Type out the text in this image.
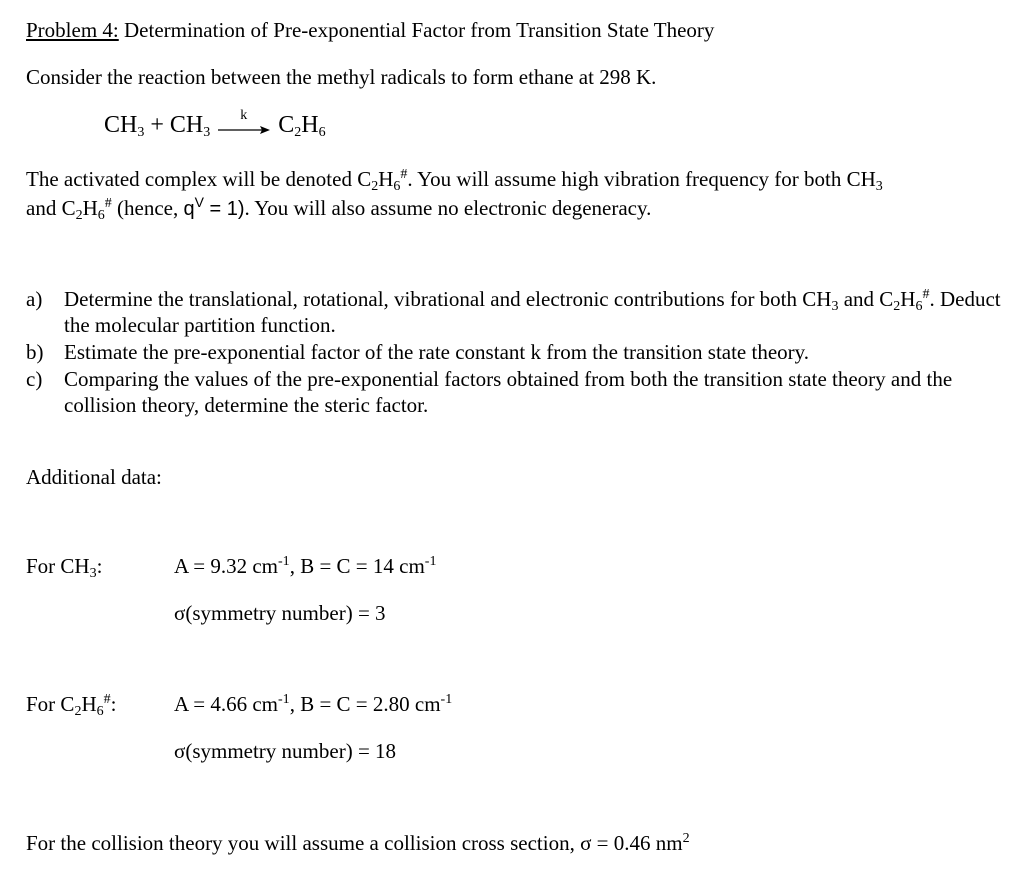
Problem 4: Determination of Pre-exponential Factor from Transition State Theory
Consider the reaction between the methyl radicals to form ethane at 298 K.
$CH_3 + CH_3$
k $C_2H_6$
The activated complex will be denoted $C_2H_6^{\#}$. You will assume high vibration frequency for both $CH_3$
and $C_2H_6^{\#}$ (hence, $q^V = 1$). You will also assume no electronic degeneracy.
a) Determine the translational, rotational, vibrational and electronic contributions for both $CH_3$ and $C_2H_6^{\#}$. Deduct the molecular partition function.
b) Estimate the pre-exponential factor of the rate constant k from the transition state theory.
c) Comparing the values of the pre-exponential factors obtained from both the transition state theory and the collision theory, determine the steric factor.
Additional data:
For $CH_3$:	A = 9.32 $cm^{-1}$, B = C = 14 $cm^{-1}$
σ(symmetry number) = 3
For $C_2H_6^{\#}$:	A = 4.66 $cm^{-1}$, B = C = 2.80 $cm^{-1}$
σ(symmetry number) = 18
For the collision theory you will assume a collision cross section, σ = 0.46 $nm^2$
